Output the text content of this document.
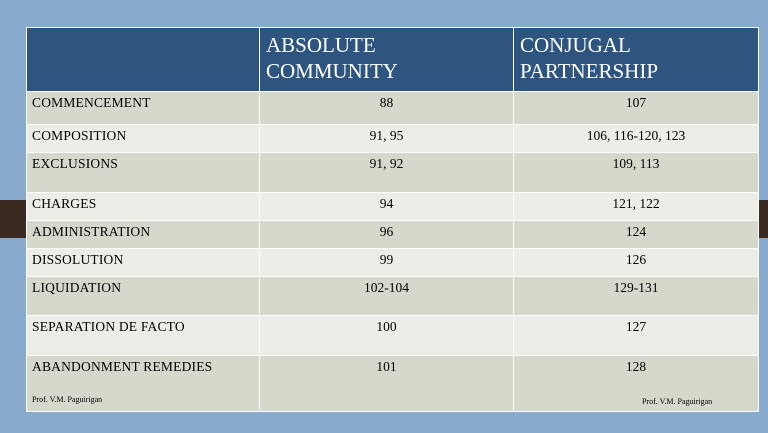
	ABSOLUTE COMMUNITY	CONJUGAL PARTNERSHIP
COMMENCEMENT	88	107
COMPOSITION	91, 95	106, 116-120, 123
EXCLUSIONS	91, 92	109, 113
CHARGES	94	121, 122
ADMINISTRATION	96	124
DISSOLUTION	99	126
LIQUIDATION	102-104	129-131
SEPARATION DE FACTO	100	127
ABANDONMENT REMEDIES	101	128
Prof. V.M. Paguirigan	Prof. V.M. Paguirigan
